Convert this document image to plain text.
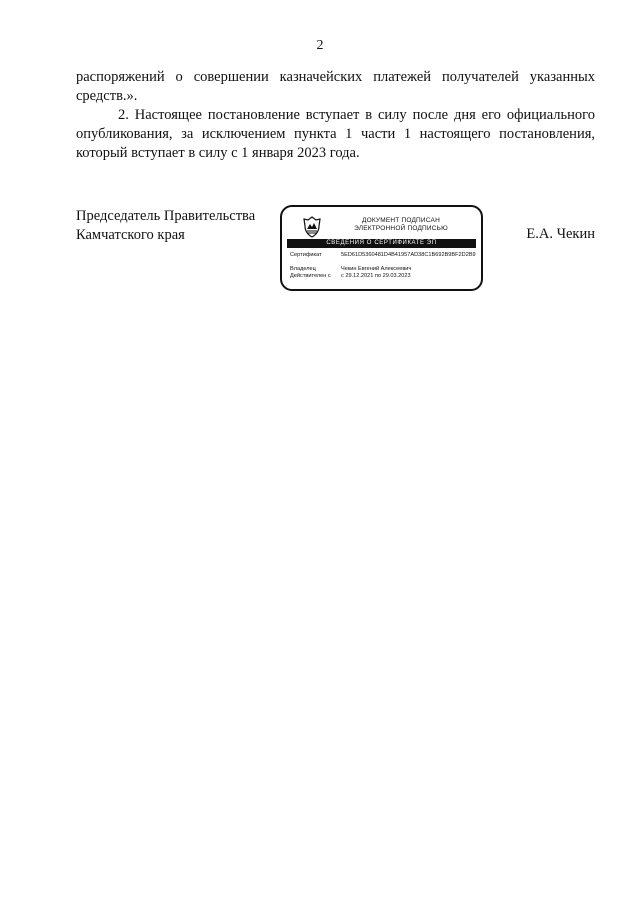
2

распоряжений о совершении казначейских платежей получателей указанных средств.».

2. Настоящее постановление вступает в силу после дня его официального опубликования, за исключением пункта 1 части 1 настоящего постановления, который вступает в силу с 1 января 2023 года.

Председатель Правительства
Камчатского края
ДОКУМЕНТ ПОДПИСАН
ЭЛЕКТРОННОЙ ПОДПИСЬЮ
СВЕДЕНИЯ О СЕРТИФИКАТЕ ЭП
Сертификат	5ED61D5360481D4B41957AD38C1B692B9BF2D2B9
Владелец	Чекин Евгений Алексеевич
Действителен с	с 29.12.2021 по 29.03.2023
Е.А. Чекин
